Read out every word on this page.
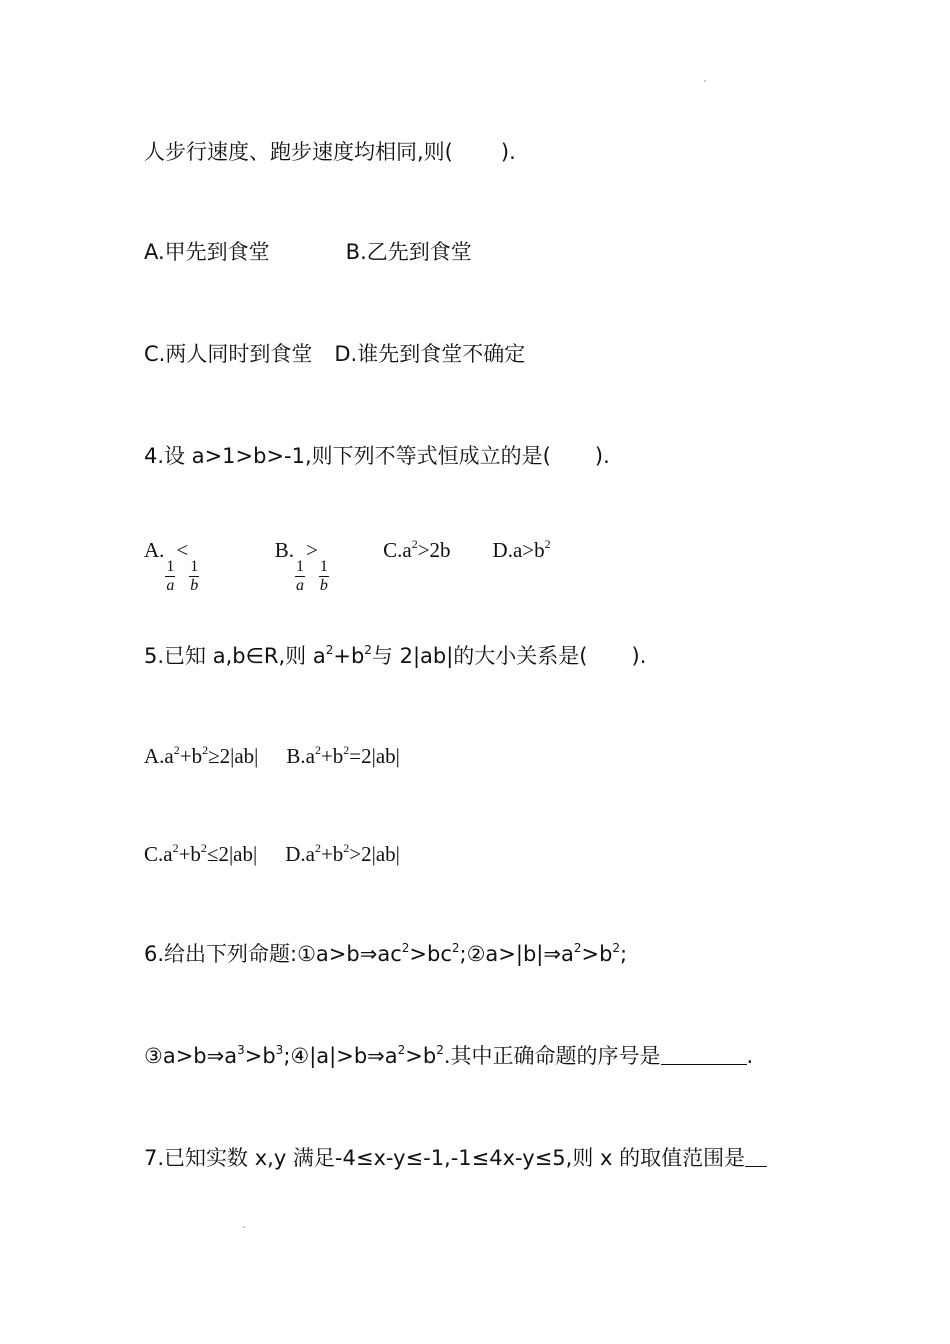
人步行速度、跑步速度均相同,则( ).
A.甲先到食堂	B.乙先到食堂
C.两人同时到食堂 D.谁先到食堂不确定
4.设 a>1>b>-1,则下列不等式恒成立的是( ).
A.
$\frac{1}{a}$
<
$\frac{1}{b}$
B.
$\frac{1}{a}$
>
$\frac{1}{b}$
$C.a^2>2b$ $D.a>b^2$
5.已知 a,b∈R,则 $a^2+b^2$与 2|ab|的大小关系是( ).
$A.a^2+b^2\ge 2|ab|$ $B.a^2+b^2=2|ab|$
$C.a^2+b^2\le 2|ab|$ $D.a^2+b^2>2|ab|$
6.给出下列命题$:①a>b\Rightarrow ac^2>bc^2;②a>|b|\Rightarrow a^2>b^2$;
$③a>b\Rightarrow a^3>b^3;④|a|>b\Rightarrow a^2>b^2$.其中正确命题的序号是	.
7.已知实数 x,y 满足-4≤x-y≤-1,-1≤4x-y≤5,则 x 的取值范围是
